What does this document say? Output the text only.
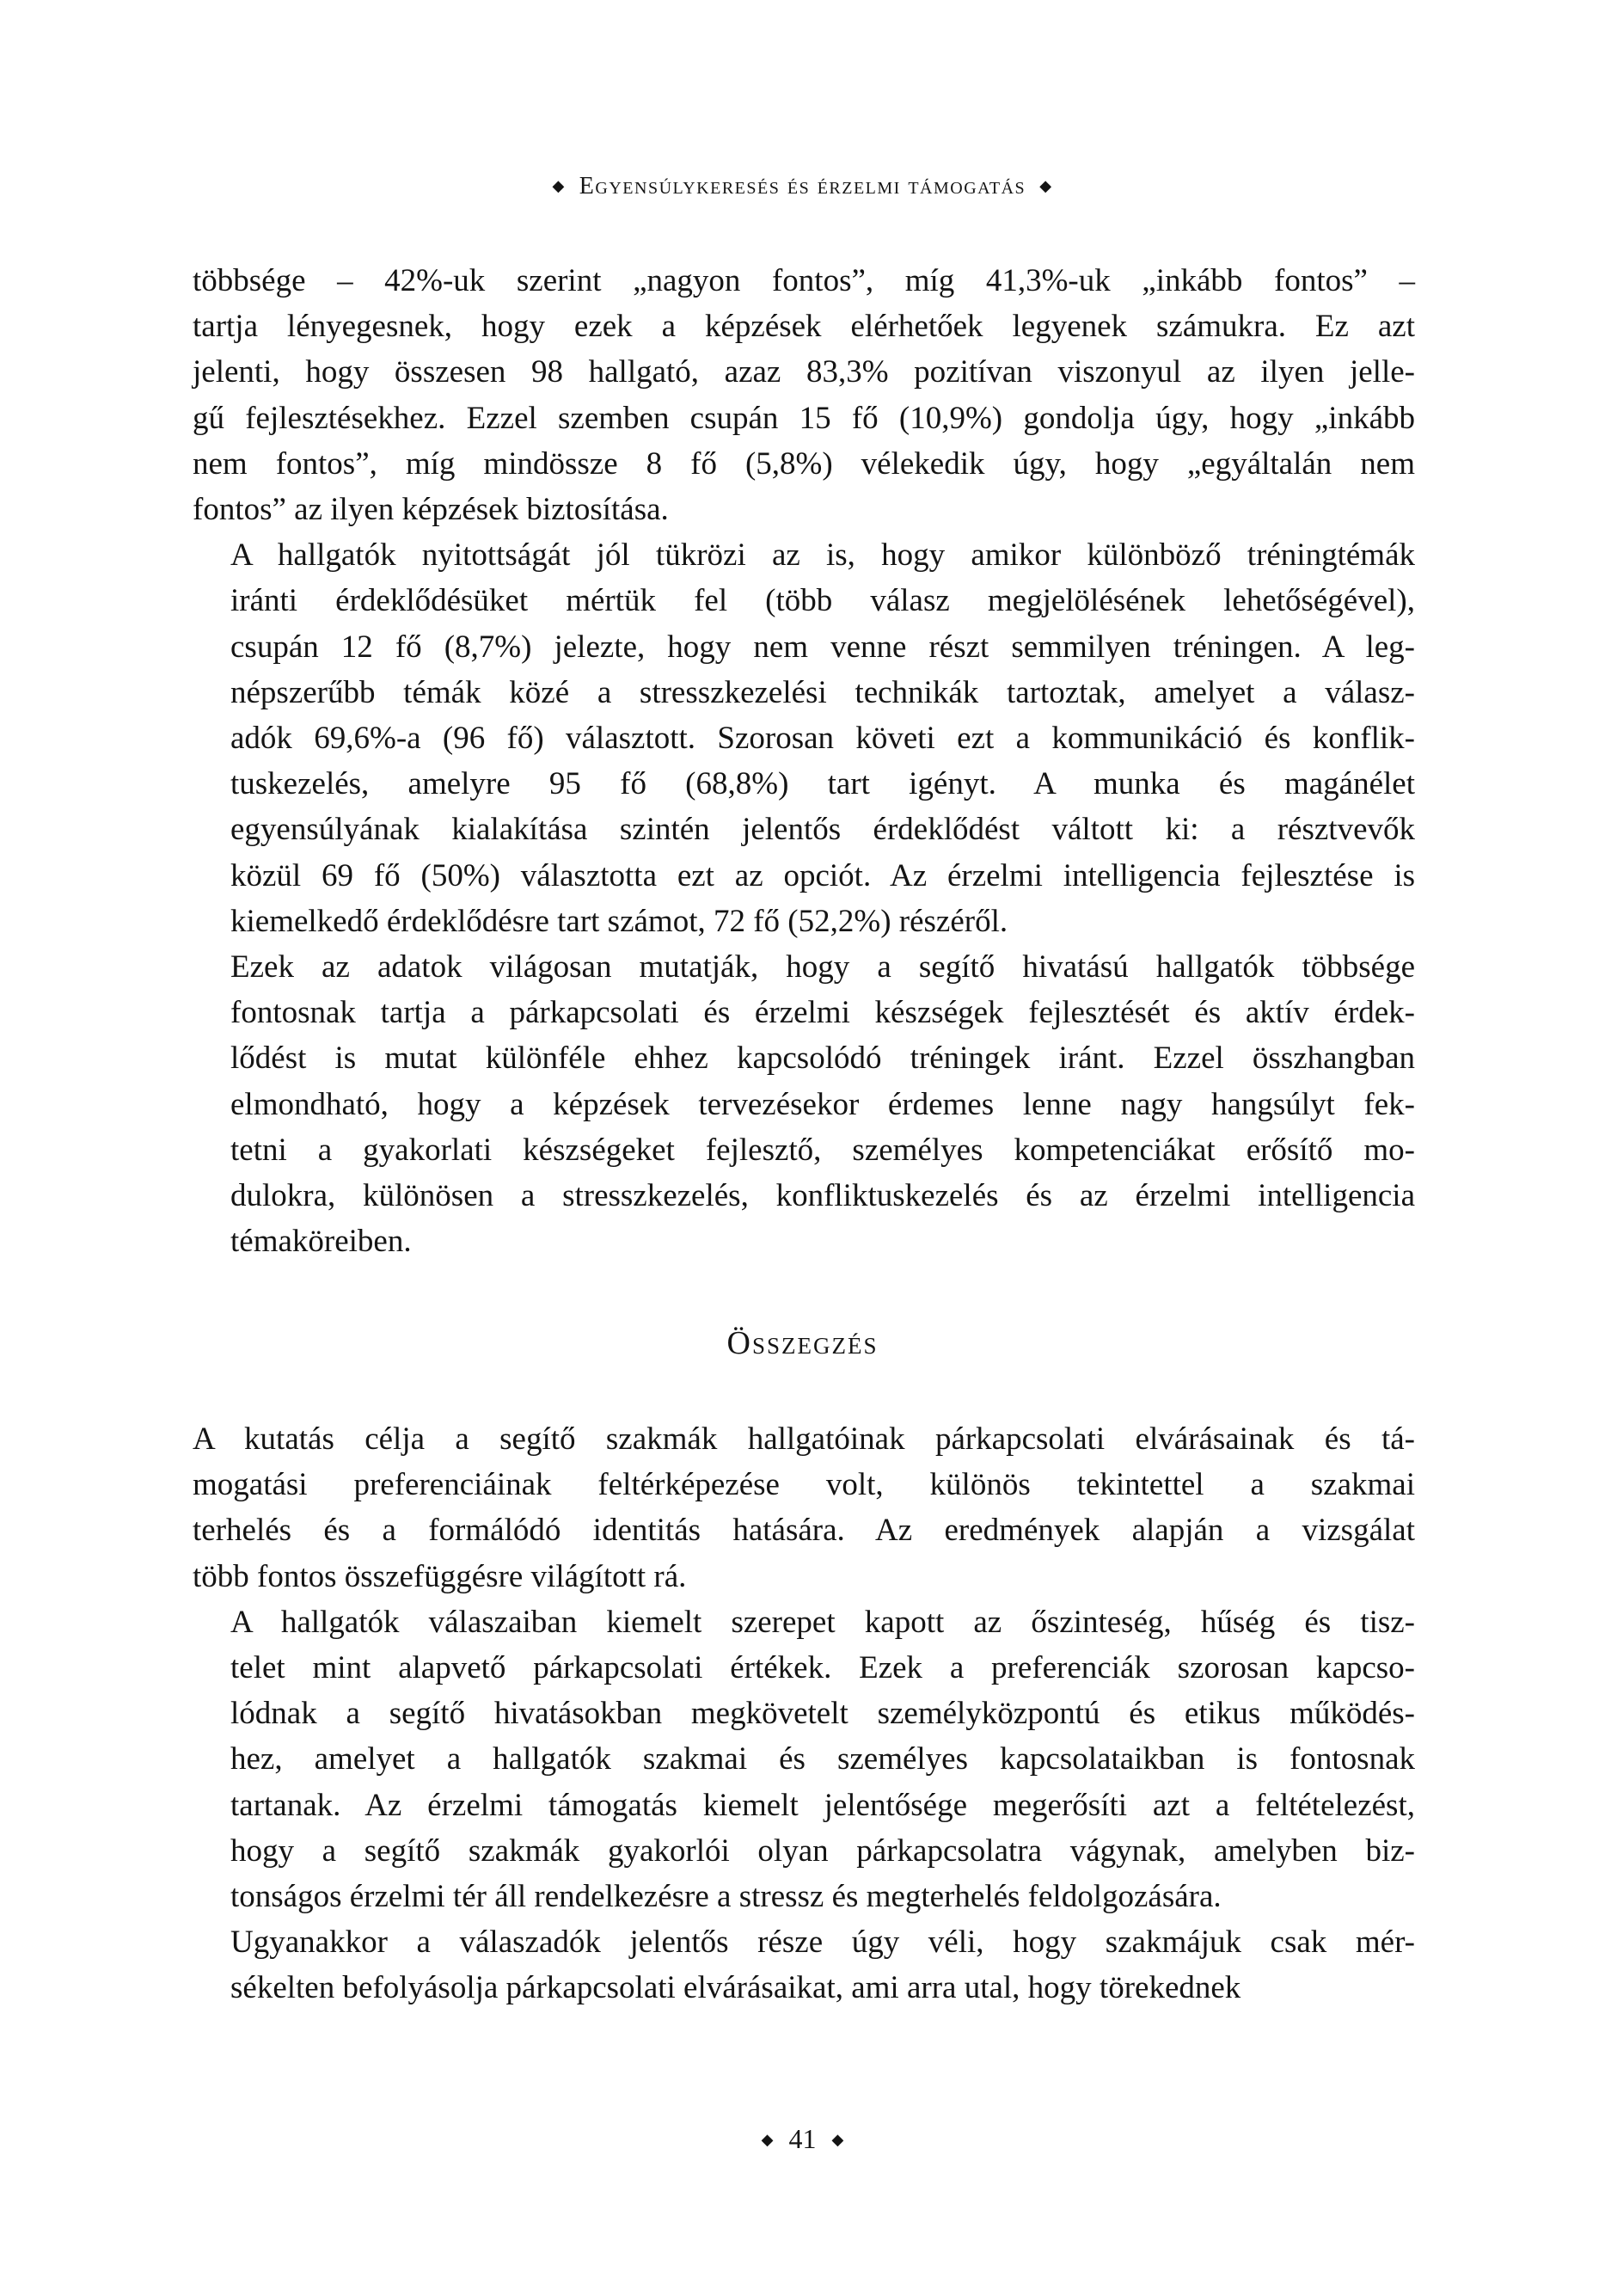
◆ Egyensúlykeresés és érzelmi támogatás ◆

többsége – 42%-uk szerint „nagyon fontos”, míg 41,3%-uk „inkább fontos” –
tartja lényegesnek, hogy ezek a képzések elérhetőek legyenek számukra. Ez azt
jelenti, hogy összesen 98 hallgató, azaz 83,3% pozitívan viszonyul az ilyen jelle-
gű fejlesztésekhez. Ezzel szemben csupán 15 fő (10,9%) gondolja úgy, hogy „inkább
nem fontos”, míg mindössze 8 fő (5,8%) vélekedik úgy, hogy „egyáltalán nem
fontos” az ilyen képzések biztosítása.

A hallgatók nyitottságát jól tükrözi az is, hogy amikor különböző tréningtémák
iránti érdeklődésüket mértük fel (több válasz megjelölésének lehetőségével),
csupán 12 fő (8,7%) jelezte, hogy nem venne részt semmilyen tréningen. A leg-
népszerűbb témák közé a stresszkezelési technikák tartoztak, amelyet a válasz-
adók 69,6%-a (96 fő) választott. Szorosan követi ezt a kommunikáció és konflik-
tuskezelés, amelyre 95 fő (68,8%) tart igényt. A munka és magánélet
egyensúlyának kialakítása szintén jelentős érdeklődést váltott ki: a résztvevők
közül 69 fő (50%) választotta ezt az opciót. Az érzelmi intelligencia fejlesztése is
kiemelkedő érdeklődésre tart számot, 72 fő (52,2%) részéről.

Ezek az adatok világosan mutatják, hogy a segítő hivatású hallgatók többsége
fontosnak tartja a párkapcsolati és érzelmi készségek fejlesztését és aktív érdek-
lődést is mutat különféle ehhez kapcsolódó tréningek iránt. Ezzel összhangban
elmondható, hogy a képzések tervezésekor érdemes lenne nagy hangsúlyt fek-
tetni a gyakorlati készségeket fejlesztő, személyes kompetenciákat erősítő mo-
dulokra, különösen a stresszkezelés, konfliktuskezelés és az érzelmi intelligencia
témaköreiben.

Összegzés

A kutatás célja a segítő szakmák hallgatóinak párkapcsolati elvárásainak és tá-
mogatási preferenciáinak feltérképezése volt, különös tekintettel a szakmai
terhelés és a formálódó identitás hatására. Az eredmények alapján a vizsgálat
több fontos összefüggésre világított rá.

A hallgatók válaszaiban kiemelt szerepet kapott az őszinteség, hűség és tisz-
telet mint alapvető párkapcsolati értékek. Ezek a preferenciák szorosan kapcso-
lódnak a segítő hivatásokban megkövetelt személyközpontú és etikus működés-
hez, amelyet a hallgatók szakmai és személyes kapcsolataikban is fontosnak
tartanak. Az érzelmi támogatás kiemelt jelentősége megerősíti azt a feltételezést,
hogy a segítő szakmák gyakorlói olyan párkapcsolatra vágynak, amelyben biz-
tonságos érzelmi tér áll rendelkezésre a stressz és megterhelés feldolgozására.

Ugyanakkor a válaszadók jelentős része úgy véli, hogy szakmájuk csak mér-
sékelten befolyásolja párkapcsolati elvárásaikat, ami arra utal, hogy törekednek

◆ 41 ◆
